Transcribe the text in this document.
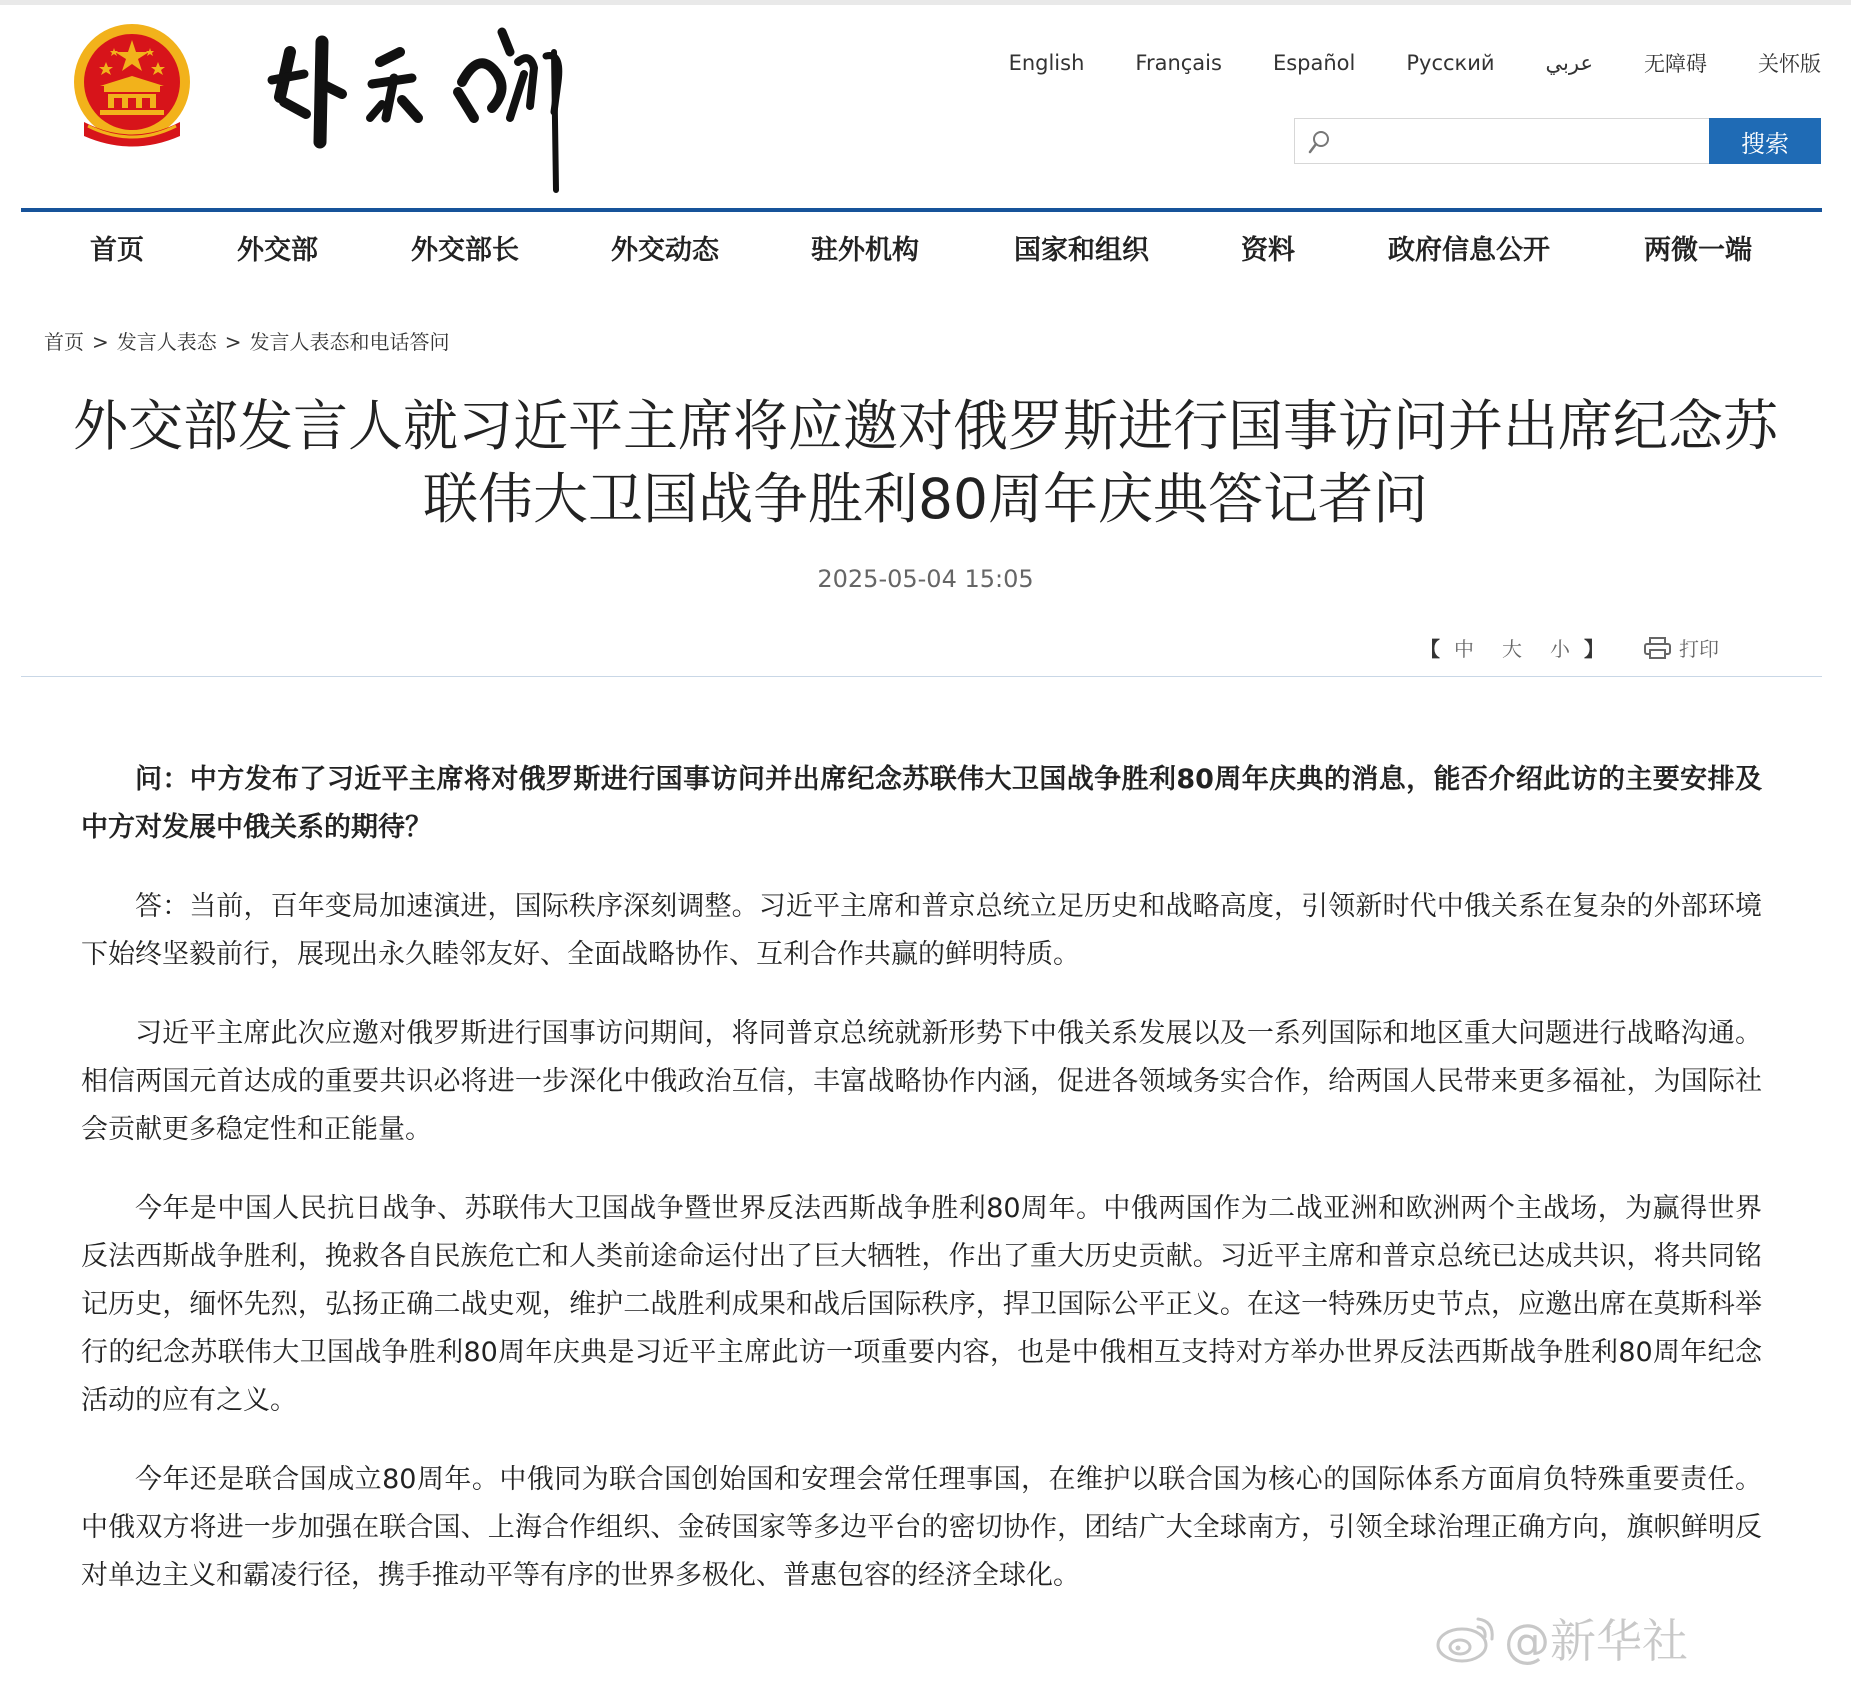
English Français Español Русский عربي 无障碍 关怀版
搜索
首页	外交部	外交部长	外交动态	驻外机构	国家和组织	资料	政府信息公开	两微一端
首页 > 发言人表态 > 发言人表态和电话答问
外交部发言人就习近平主席将应邀对俄罗斯进行国事访问并出席纪念苏
联伟大卫国战争胜利80周年庆典答记者问
2025-05-04 15:05
【 中 大 小 】	打印

问：中方发布了习近平主席将对俄罗斯进行国事访问并出席纪念苏联伟大卫国战争胜利80周年庆典的消息，能否介绍此访的主要安排及中方对发展中俄关系的期待？

答：当前，百年变局加速演进，国际秩序深刻调整。习近平主席和普京总统立足历史和战略高度，引领新时代中俄关系在复杂的外部环境下始终坚毅前行，展现出永久睦邻友好、全面战略协作、互利合作共赢的鲜明特质。

习近平主席此次应邀对俄罗斯进行国事访问期间，将同普京总统就新形势下中俄关系发展以及一系列国际和地区重大问题进行战略沟通。相信两国元首达成的重要共识必将进一步深化中俄政治互信，丰富战略协作内涵，促进各领域务实合作，给两国人民带来更多福祉，为国际社会贡献更多稳定性和正能量。

今年是中国人民抗日战争、苏联伟大卫国战争暨世界反法西斯战争胜利80周年。中俄两国作为二战亚洲和欧洲两个主战场，为赢得世界反法西斯战争胜利，挽救各自民族危亡和人类前途命运付出了巨大牺牲，作出了重大历史贡献。习近平主席和普京总统已达成共识，将共同铭记历史，缅怀先烈，弘扬正确二战史观，维护二战胜利成果和战后国际秩序，捍卫国际公平正义。在这一特殊历史节点，应邀出席在莫斯科举行的纪念苏联伟大卫国战争胜利80周年庆典是习近平主席此访一项重要内容，也是中俄相互支持对方举办世界反法西斯战争胜利80周年纪念活动的应有之义。

今年还是联合国成立80周年。中俄同为联合国创始国和安理会常任理事国，在维护以联合国为核心的国际体系方面肩负特殊重要责任。中俄双方将进一步加强在联合国、上海合作组织、金砖国家等多边平台的密切协作，团结广大全球南方，引领全球治理正确方向，旗帜鲜明反对单边主义和霸凌行径，携手推动平等有序的世界多极化、普惠包容的经济全球化。

@新华社
